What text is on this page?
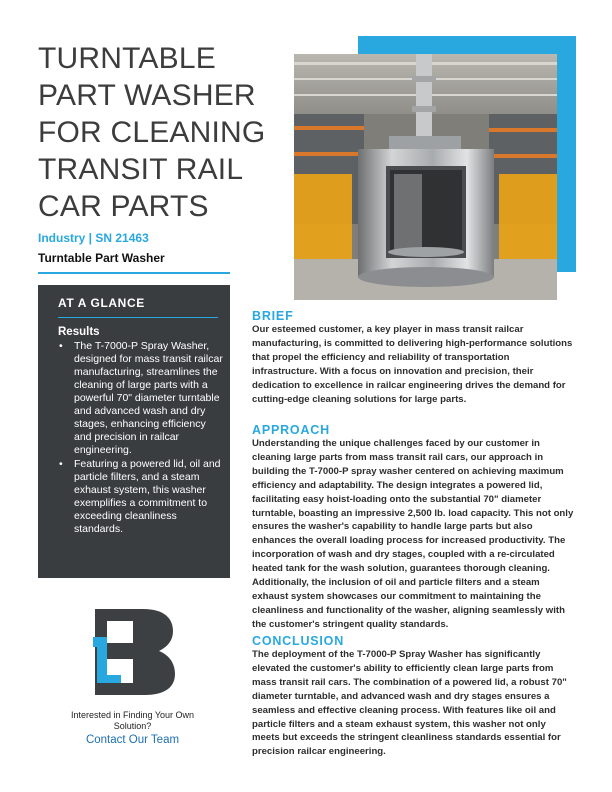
TURNTABLE
PART WASHER
FOR CLEANING
TRANSIT RAIL
CAR PARTS

Industry | SN 21463

Turntable Part Washer

AT A GLANCE

Results

• The T-7000-P Spray Washer, designed for mass transit railcar manufacturing, streamlines the cleaning of large parts with a powerful 70" diameter turntable and advanced wash and dry stages, enhancing efficiency and precision in railcar engineering.
• Featuring a powered lid, oil and particle filters, and a steam exhaust system, this washer exemplifies a commitment to exceeding cleanliness standards.

Interested in Finding Your Own Solution?

Contact Our Team
BRIEF

Our esteemed customer, a key player in mass transit railcar manufacturing, is committed to delivering high-performance solutions that propel the efficiency and reliability of transportation infrastructure. With a focus on innovation and precision, their dedication to excellence in railcar engineering drives the demand for cutting-edge cleaning solutions for large parts.

APPROACH

Understanding the unique challenges faced by our customer in cleaning large parts from mass transit rail cars, our approach in building the T-7000-P spray washer centered on achieving maximum efficiency and adaptability. The design integrates a powered lid, facilitating easy hoist-loading onto the substantial 70" diameter turntable, boasting an impressive 2,500 lb. load capacity. This not only ensures the washer's capability to handle large parts but also enhances the overall loading process for increased productivity. The incorporation of wash and dry stages, coupled with a re-circulated heated tank for the wash solution, guarantees thorough cleaning. Additionally, the inclusion of oil and particle filters and a steam exhaust system showcases our commitment to maintaining the cleanliness and functionality of the washer, aligning seamlessly with the customer's stringent quality standards.

CONCLUSION

The deployment of the T-7000-P Spray Washer has significantly elevated the customer's ability to efficiently clean large parts from mass transit rail cars. The combination of a powered lid, a robust 70" diameter turntable, and advanced wash and dry stages ensures a seamless and effective cleaning process. With features like oil and particle filters and a steam exhaust system, this washer not only meets but exceeds the stringent cleanliness standards essential for precision railcar engineering.
